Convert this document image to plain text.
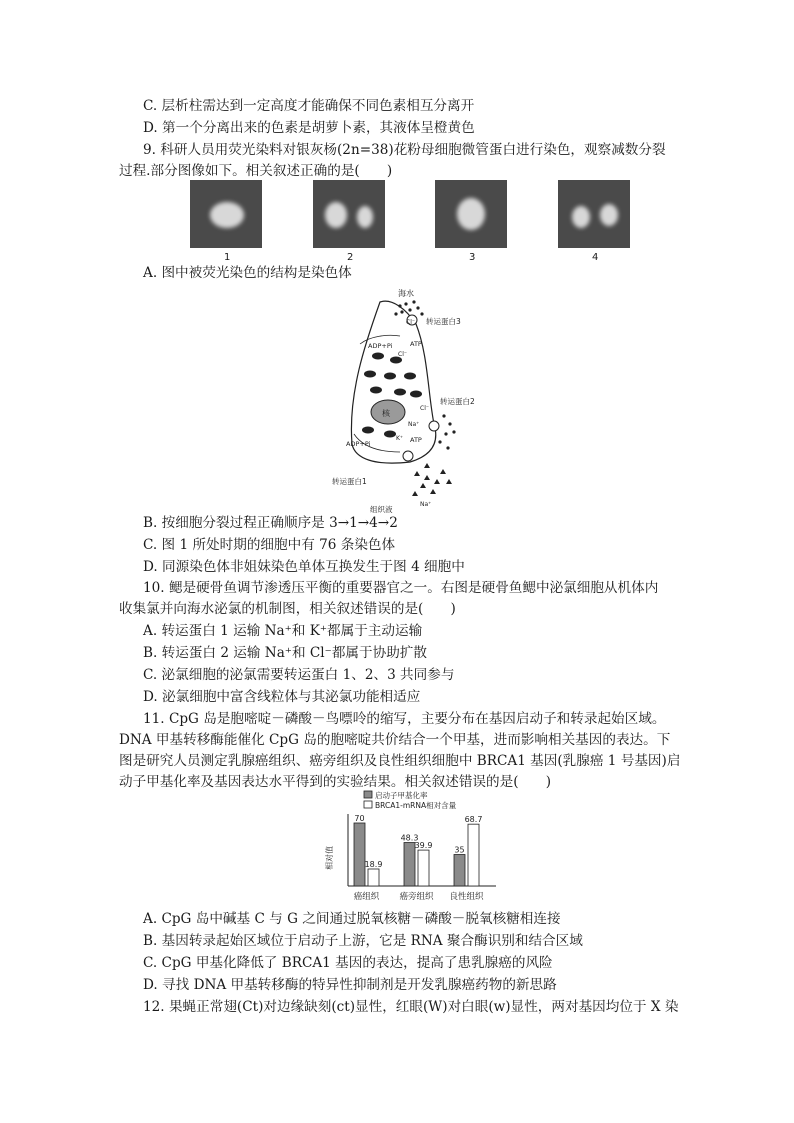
C. 层析柱需达到一定高度才能确保不同色素相互分离开
D. 第一个分离出来的色素是胡萝卜素，其液体呈橙黄色
9. 科研人员用荧光染料对银灰杨(2n=38)花粉母细胞微管蛋白进行染色，观察减数分裂
过程.部分图像如下。相关叙述正确的是(　　)
1	2	3	4
A. 图中被荧光染色的结构是染色体
海水
Cl⁻ 转运蛋白3
ADP+Pi	ATP
Cl⁻
核
转运蛋白2
Cl⁻
Na⁺
K⁺
ADP+Pi	ATP
转运蛋白1
Na⁺
组织液
B. 按细胞分裂过程正确顺序是 3→1→4→2
C. 图 1 所处时期的细胞中有 76 条染色体
D. 同源染色体非姐妹染色单体互换发生于图 4 细胞中
10. 鳃是硬骨鱼调节渗透压平衡的重要器官之一。右图是硬骨鱼鳃中泌氯细胞从机体内
收集氯并向海水泌氯的机制图，相关叙述错误的是(　　)
A. 转运蛋白 1 运输 Na⁺和 K⁺都属于主动运输
B. 转运蛋白 2 运输 Na⁺和 Cl⁻都属于协助扩散
C. 泌氯细胞的泌氯需要转运蛋白 1、2、3 共同参与
D. 泌氯细胞中富含线粒体与其泌氯功能相适应
11. CpG 岛是胞嘧啶－磷酸－鸟嘌呤的缩写，主要分布在基因启动子和转录起始区域。
DNA 甲基转移酶能催化 CpG 岛的胞嘧啶共价结合一个甲基，进而影响相关基因的表达。下
图是研究人员测定乳腺癌组织、癌旁组织及良性组织细胞中 BRCA1 基因(乳腺癌 1 号基因)启
动子甲基化率及基因表达水平得到的实验结果。相关叙述错误的是(　　)
启动子甲基化率
BRCA1-mRNA相对含量
相对值
70
18.9
48.3
39.9	35
68.7
癌组织 癌旁组织 良性组织
A. CpG 岛中碱基 C 与 G 之间通过脱氧核糖－磷酸－脱氧核糖相连接
B. 基因转录起始区域位于启动子上游，它是 RNA 聚合酶识别和结合区域
C. CpG 甲基化降低了 BRCA1 基因的表达，提高了患乳腺癌的风险
D. 寻找 DNA 甲基转移酶的特异性抑制剂是开发乳腺癌药物的新思路
12. 果蝇正常翅(Ct)对边缘缺刻(ct)显性，红眼(W)对白眼(w)显性，两对基因均位于 X 染
